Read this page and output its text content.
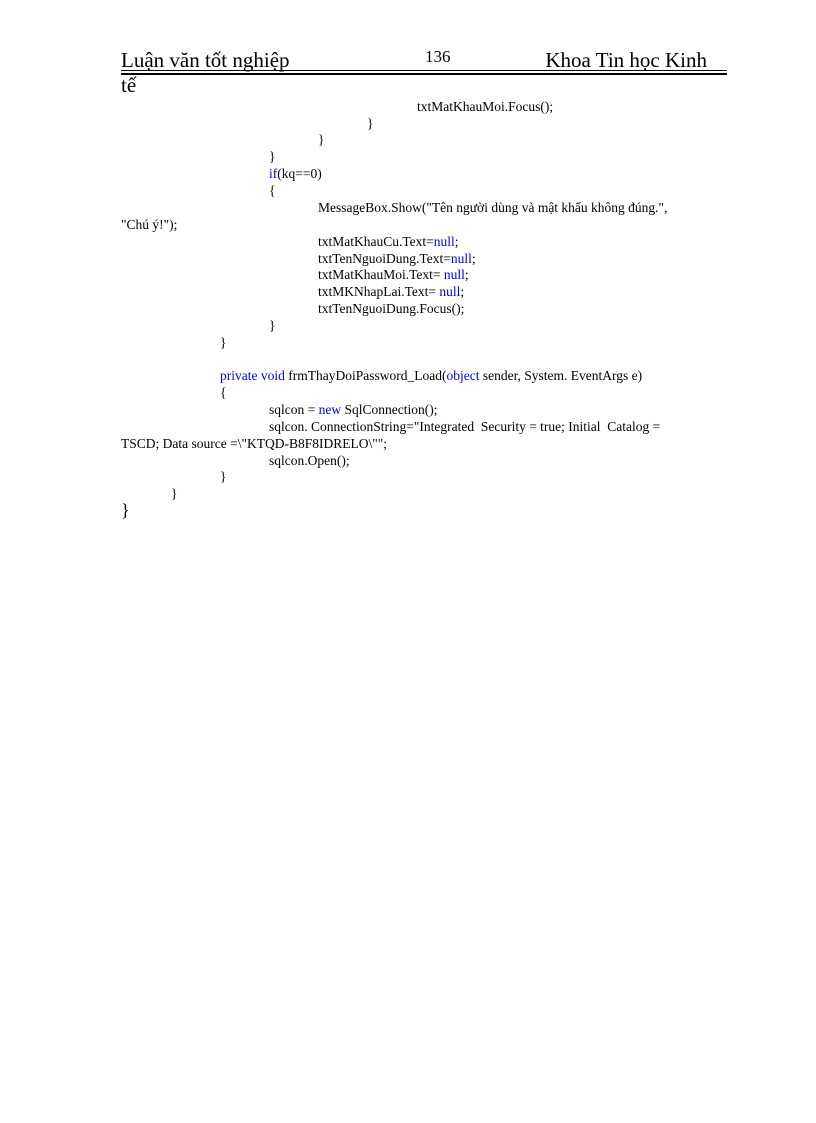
Luận văn tốt nghiệp	136	Khoa Tin học Kinh
tế
txtMatKhauMoi.Focus();
}
}
}
if(kq==0)
{
MessageBox.Show("Tên người dùng và mật khẩu không đúng.",
"Chú ý!");
txtMatKhauCu.Text=null;
txtTenNguoiDung.Text=null;
txtMatKhauMoi.Text= null;
txtMKNhapLai.Text= null;
txtTenNguoiDung.Focus();
}
}
private void frmThayDoiPassword_Load(object sender, System. EventArgs e)
{
sqlcon = new SqlConnection();
sqlcon. ConnectionString="Integrated  Security = true; Initial  Catalog =
TSCD; Data source =\"KTQD-B8F8IDRELO\"";
sqlcon.Open();
}
}
}
